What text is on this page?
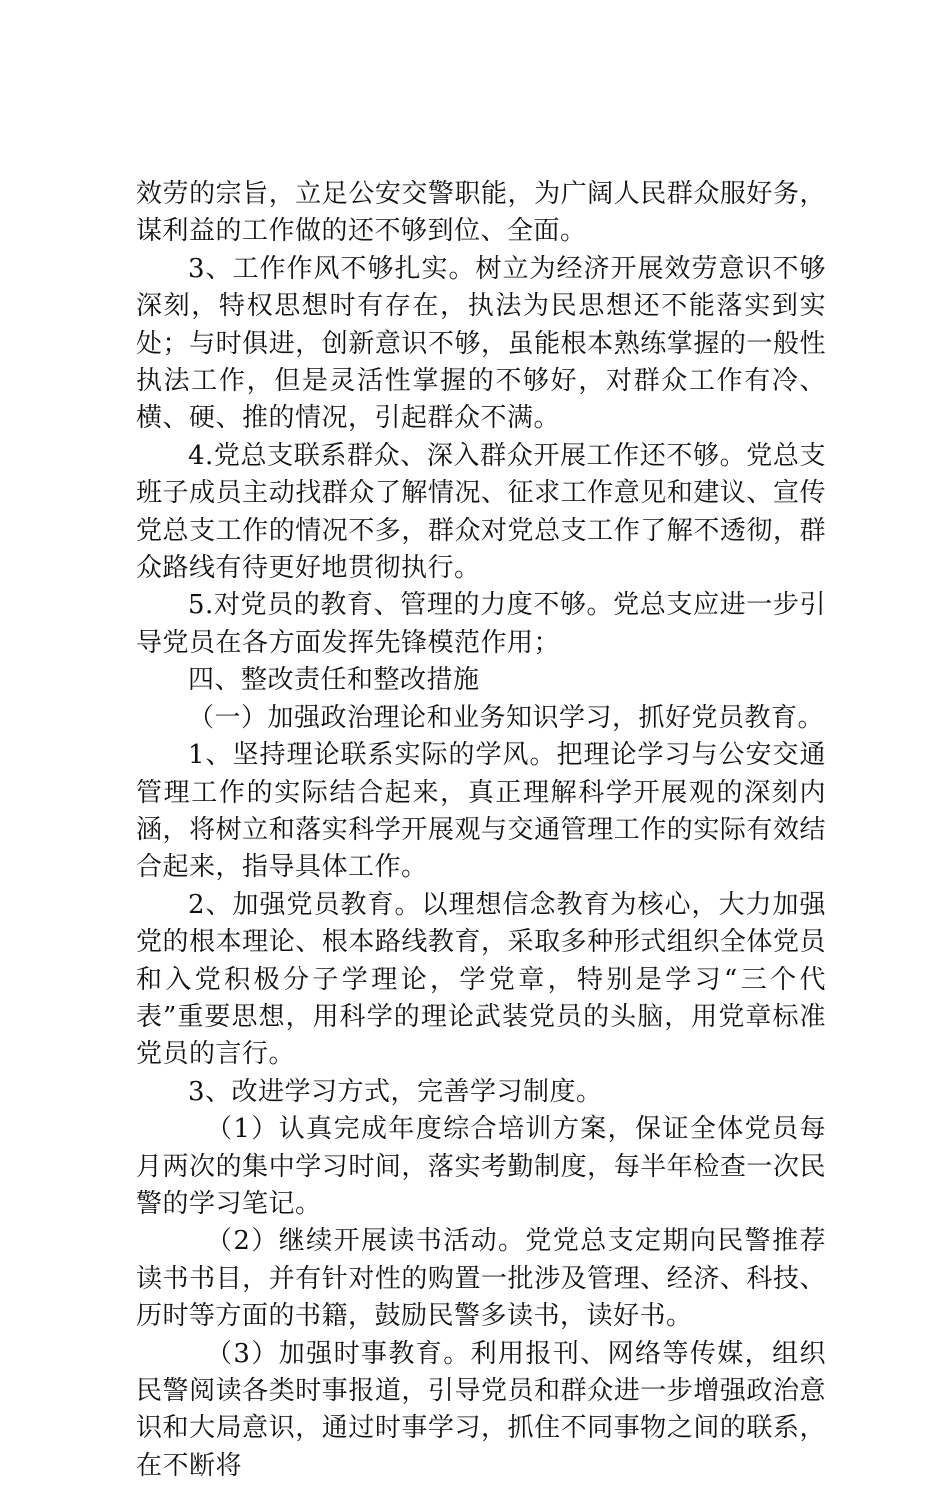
效劳的宗旨，立足公安交警职能，为广阔人民群众服好务，谋利益的工作做的还不够到位、全面。

3、工作作风不够扎实。树立为经济开展效劳意识不够深刻，特权思想时有存在，执法为民思想还不能落实到实处；与时俱进，创新意识不够，虽能根本熟练掌握的一般性执法工作，但是灵活性掌握的不够好，对群众工作有冷、横、硬、推的情况，引起群众不满。

4.党总支联系群众、深入群众开展工作还不够。党总支班子成员主动找群众了解情况、征求工作意见和建议、宣传党总支工作的情况不多，群众对党总支工作了解不透彻，群众路线有待更好地贯彻执行。

5.对党员的教育、管理的力度不够。党总支应进一步引导党员在各方面发挥先锋模范作用；

四、整改责任和整改措施

（一）加强政治理论和业务知识学习，抓好党员教育。

1、坚持理论联系实际的学风。把理论学习与公安交通管理工作的实际结合起来，真正理解科学开展观的深刻内涵，将树立和落实科学开展观与交通管理工作的实际有效结合起来，指导具体工作。

2、加强党员教育。以理想信念教育为核心，大力加强党的根本理论、根本路线教育，采取多种形式组织全体党员和入党积极分子学理论，学党章，特别是学习“三个代表”重要思想，用科学的理论武装党员的头脑，用党章标准党员的言行。

3、改进学习方式，完善学习制度。

（1）认真完成年度综合培训方案，保证全体党员每月两次的集中学习时间，落实考勤制度，每半年检查一次民警的学习笔记。

（2）继续开展读书活动。党党总支定期向民警推荐读书书目，并有针对性的购置一批涉及管理、经济、科技、历时等方面的书籍，鼓励民警多读书，读好书。

（3）加强时事教育。利用报刊、网络等传媒，组织民警阅读各类时事报道，引导党员和群众进一步增强政治意识和大局意识，通过时事学习，抓住不同事物之间的联系，在不断将
